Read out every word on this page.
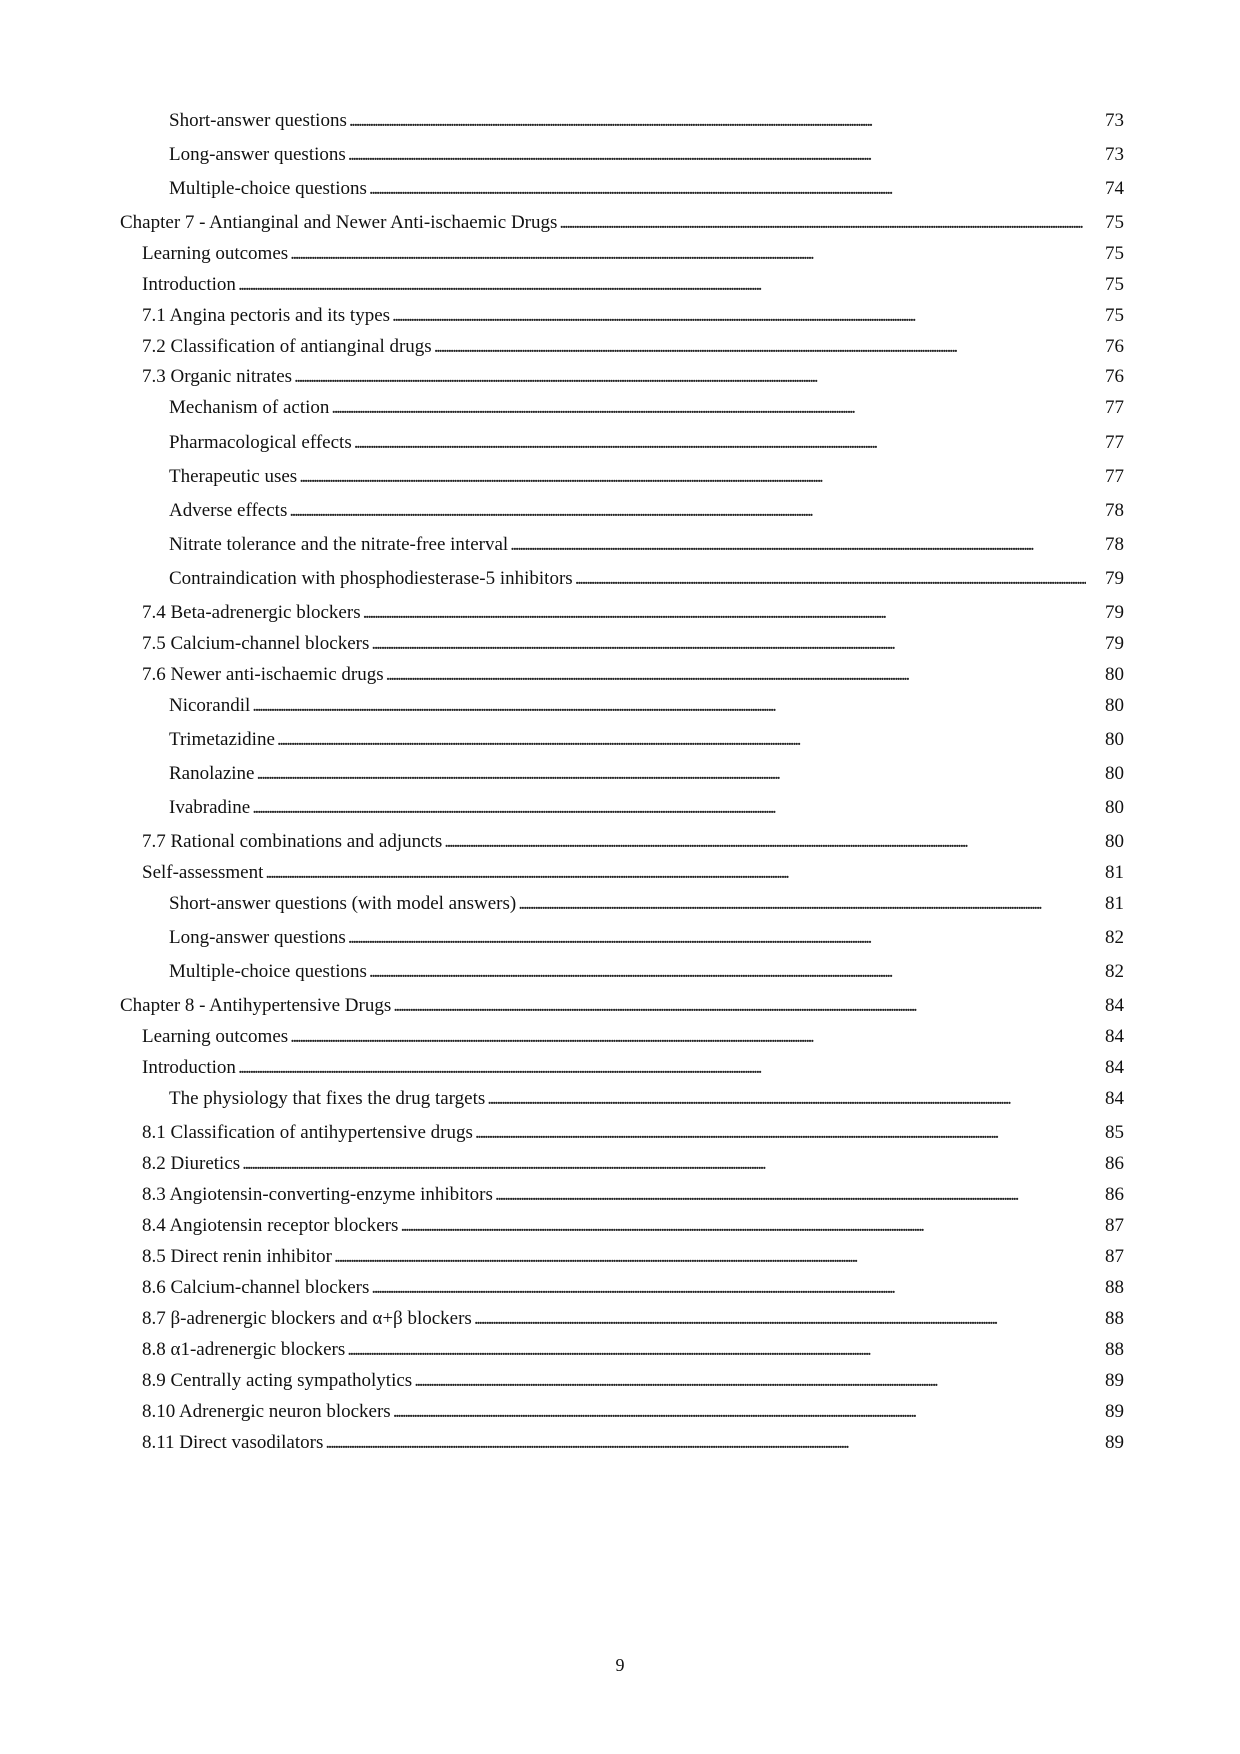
Short-answer questions . . .	73
Long-answer questions . . .	73
Multiple-choice questions . . .	74
Chapter 7 - Antianginal and Newer Anti-ischaemic Drugs . . .	75
Learning outcomes . . .	75
Introduction . . .	75
7.1 Angina pectoris and its types . . .	75
7.2 Classification of antianginal drugs . . .	76
7.3 Organic nitrates . . .	76
Mechanism of action . . .	77
Pharmacological effects . . .	77
Therapeutic uses . . .	77
Adverse effects . . .	78
Nitrate tolerance and the nitrate-free interval . . .	78
Contraindication with phosphodiesterase-5 inhibitors . . .	79
7.4 Beta-adrenergic blockers . . .	79
7.5 Calcium-channel blockers . . .	79
7.6 Newer anti-ischaemic drugs . . .	80
Nicorandil . . .	80
Trimetazidine . . .	80
Ranolazine . . .	80
Ivabradine . . .	80
7.7 Rational combinations and adjuncts . . .	80
Self-assessment . . .	81
Short-answer questions (with model answers) . . .	81
Long-answer questions . . .	82
Multiple-choice questions . . .	82
Chapter 8 - Antihypertensive Drugs . . .	84
Learning outcomes . . .	84
Introduction . . .	84
The physiology that fixes the drug targets . . .	84
8.1 Classification of antihypertensive drugs . . .	85
8.2 Diuretics . . .	86
8.3 Angiotensin-converting-enzyme inhibitors . . .	86
8.4 Angiotensin receptor blockers . . .	87
8.5 Direct renin inhibitor . . .	87
8.6 Calcium-channel blockers . . .	88
8.7 β-adrenergic blockers and α+β blockers . . .	88
8.8 α1-adrenergic blockers . . .	88
8.9 Centrally acting sympatholytics . . .	89
8.10 Adrenergic neuron blockers . . .	89
8.11 Direct vasodilators . . .	89
9
